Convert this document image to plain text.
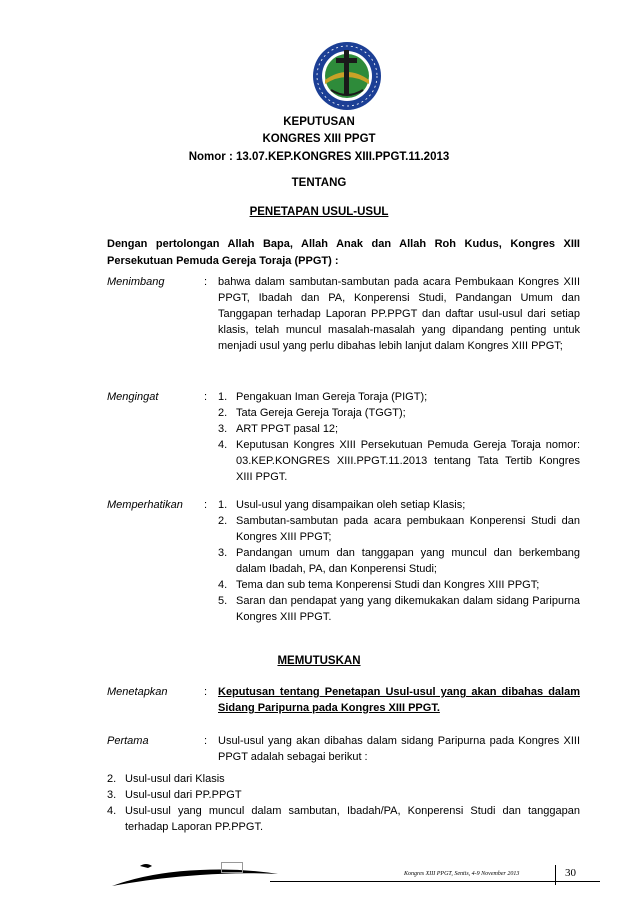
KEPUTUSAN
KONGRES XIII PPGT
Nomor : 13.07.KEP.KONGRES XIII.PPGT.11.2013
TENTANG
PENETAPAN USUL-USUL
Dengan pertolongan Allah Bapa, Allah Anak dan Allah Roh Kudus, Kongres XIII Persekutuan Pemuda Gereja Toraja (PPGT) :
Menimbang	: bahwa dalam sambutan-sambutan pada acara Pembukaan Kongres XIII PPGT, Ibadah dan PA, Konperensi Studi, Pandangan Umum dan Tanggapan terhadap Laporan PP.PPGT dan daftar usul-usul dari setiap klasis, telah muncul masalah-masalah yang dipandang penting untuk menjadi usul yang perlu dibahas lebih lanjut dalam Kongres XIII PPGT;
Mengingat	: 1. Pengakuan Iman Gereja Toraja (PIGT);
2. Tata Gereja Gereja Toraja (TGGT);
3. ART PPGT pasal 12;
4. Keputusan Kongres XIII Persekutuan Pemuda Gereja Toraja nomor: 03.KEP.KONGRES XIII.PPGT.11.2013 tentang Tata Tertib Kongres XIII PPGT.
Memperhatikan : 1. Usul-usul yang disampaikan oleh setiap Klasis;
2. Sambutan-sambutan pada acara pembukaan Konperensi Studi dan Kongres XIII PPGT;
3. Pandangan umum dan tanggapan yang muncul dan berkembang dalam Ibadah, PA, dan Konperensi Studi;
4. Tema dan sub tema Konperensi Studi dan Kongres XIII PPGT;
5. Saran dan pendapat yang yang dikemukakan dalam sidang Paripurna Kongres XIII PPGT.
MEMUTUSKAN
Menetapkan	: Keputusan tentang Penetapan Usul-usul yang akan dibahas dalam Sidang Paripurna pada Kongres XIII PPGT.
Pertama	: Usul-usul yang akan dibahas dalam sidang Paripurna pada Kongres XIII PPGT adalah sebagai berikut :
2. Usul-usul dari Klasis
3. Usul-usul dari PP.PPGT
4. Usul-usul yang muncul dalam sambutan, Ibadah/PA, Konperensi Studi dan tanggapan terhadap Laporan PP.PPGT.
Kongres XIII PPGT, Sentis, 4-9 November 2013	30
